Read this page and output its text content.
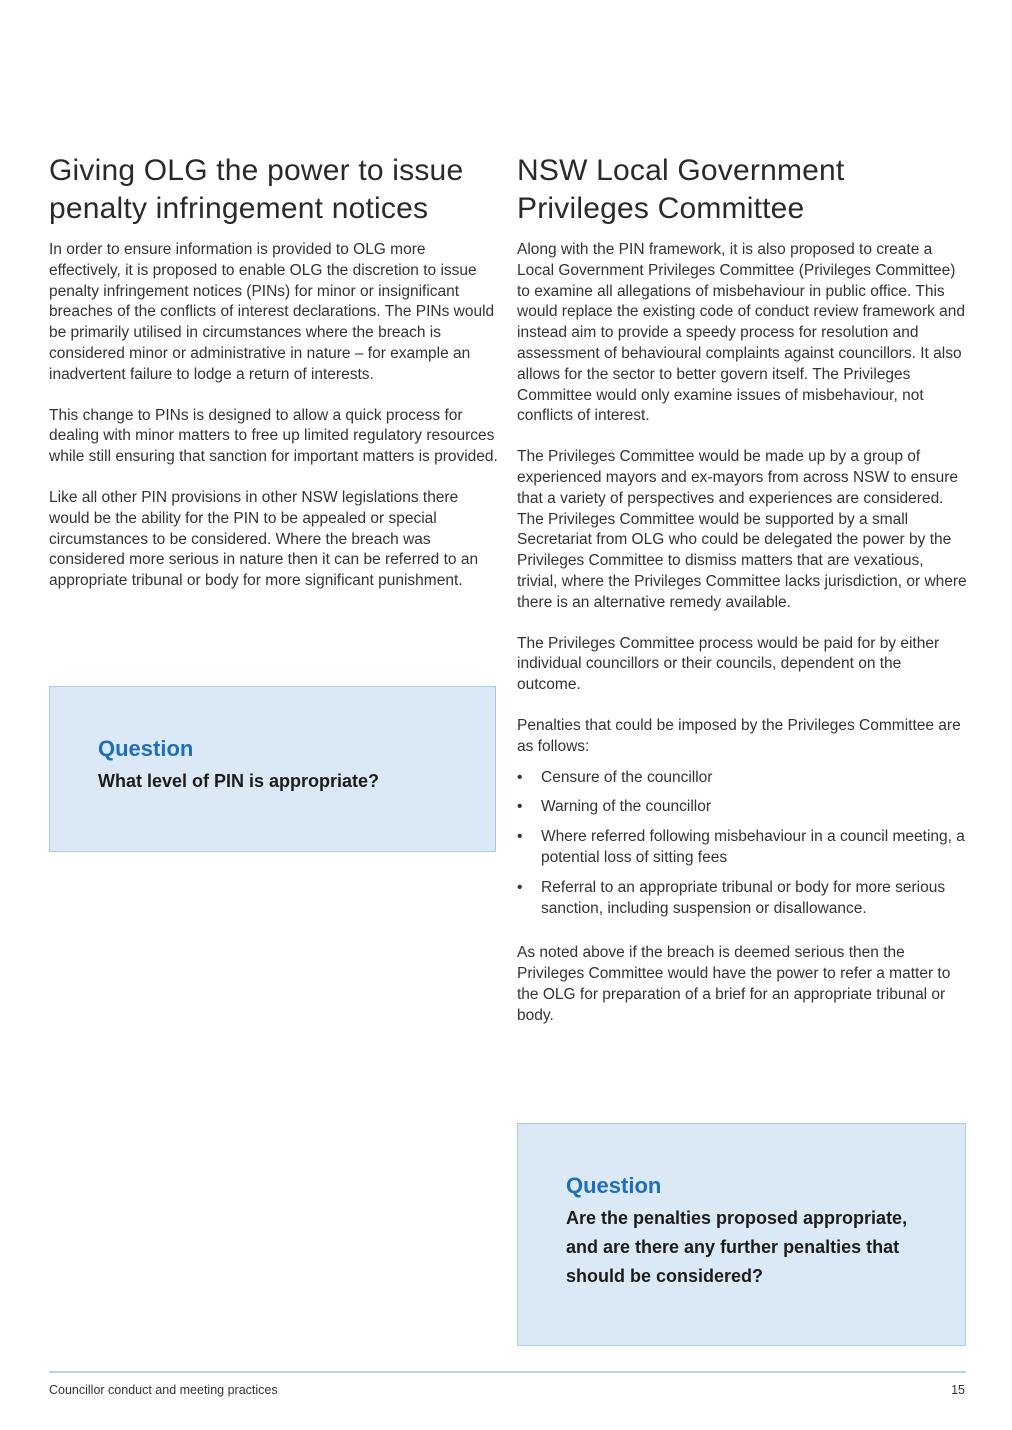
Giving OLG the power to issue penalty infringement notices

In order to ensure information is provided to OLG more effectively, it is proposed to enable OLG the discretion to issue penalty infringement notices (PINs) for minor or insignificant breaches of the conflicts of interest declarations. The PINs would be primarily utilised in circumstances where the breach is considered minor or administrative in nature – for example an inadvertent failure to lodge a return of interests.

This change to PINs is designed to allow a quick process for dealing with minor matters to free up limited regulatory resources while still ensuring that sanction for important matters is provided.

Like all other PIN provisions in other NSW legislations there would be the ability for the PIN to be appealed or special circumstances to be considered. Where the breach was considered more serious in nature then it can be referred to an appropriate tribunal or body for more significant punishment.

Question
What level of PIN is appropriate?
NSW Local Government Privileges Committee

Along with the PIN framework, it is also proposed to create a Local Government Privileges Committee (Privileges Committee) to examine all allegations of misbehaviour in public office. This would replace the existing code of conduct review framework and instead aim to provide a speedy process for resolution and assessment of behavioural complaints against councillors. It also allows for the sector to better govern itself. The Privileges Committee would only examine issues of misbehaviour, not conflicts of interest.

The Privileges Committee would be made up by a group of experienced mayors and ex-mayors from across NSW to ensure that a variety of perspectives and experiences are considered. The Privileges Committee would be supported by a small Secretariat from OLG who could be delegated the power by the Privileges Committee to dismiss matters that are vexatious, trivial, where the Privileges Committee lacks jurisdiction, or where there is an alternative remedy available.

The Privileges Committee process would be paid for by either individual councillors or their councils, dependent on the outcome.

Penalties that could be imposed by the Privileges Committee are as follows:

• Censure of the councillor
• Warning of the councillor
• Where referred following misbehaviour in a council meeting, a potential loss of sitting fees
• Referral to an appropriate tribunal or body for more serious sanction, including suspension or disallowance.

As noted above if the breach is deemed serious then the Privileges Committee would have the power to refer a matter to the OLG for preparation of a brief for an appropriate tribunal or body.

Question
Are the penalties proposed appropriate, and are there any further penalties that should be considered?
Councillor conduct and meeting practices	15
